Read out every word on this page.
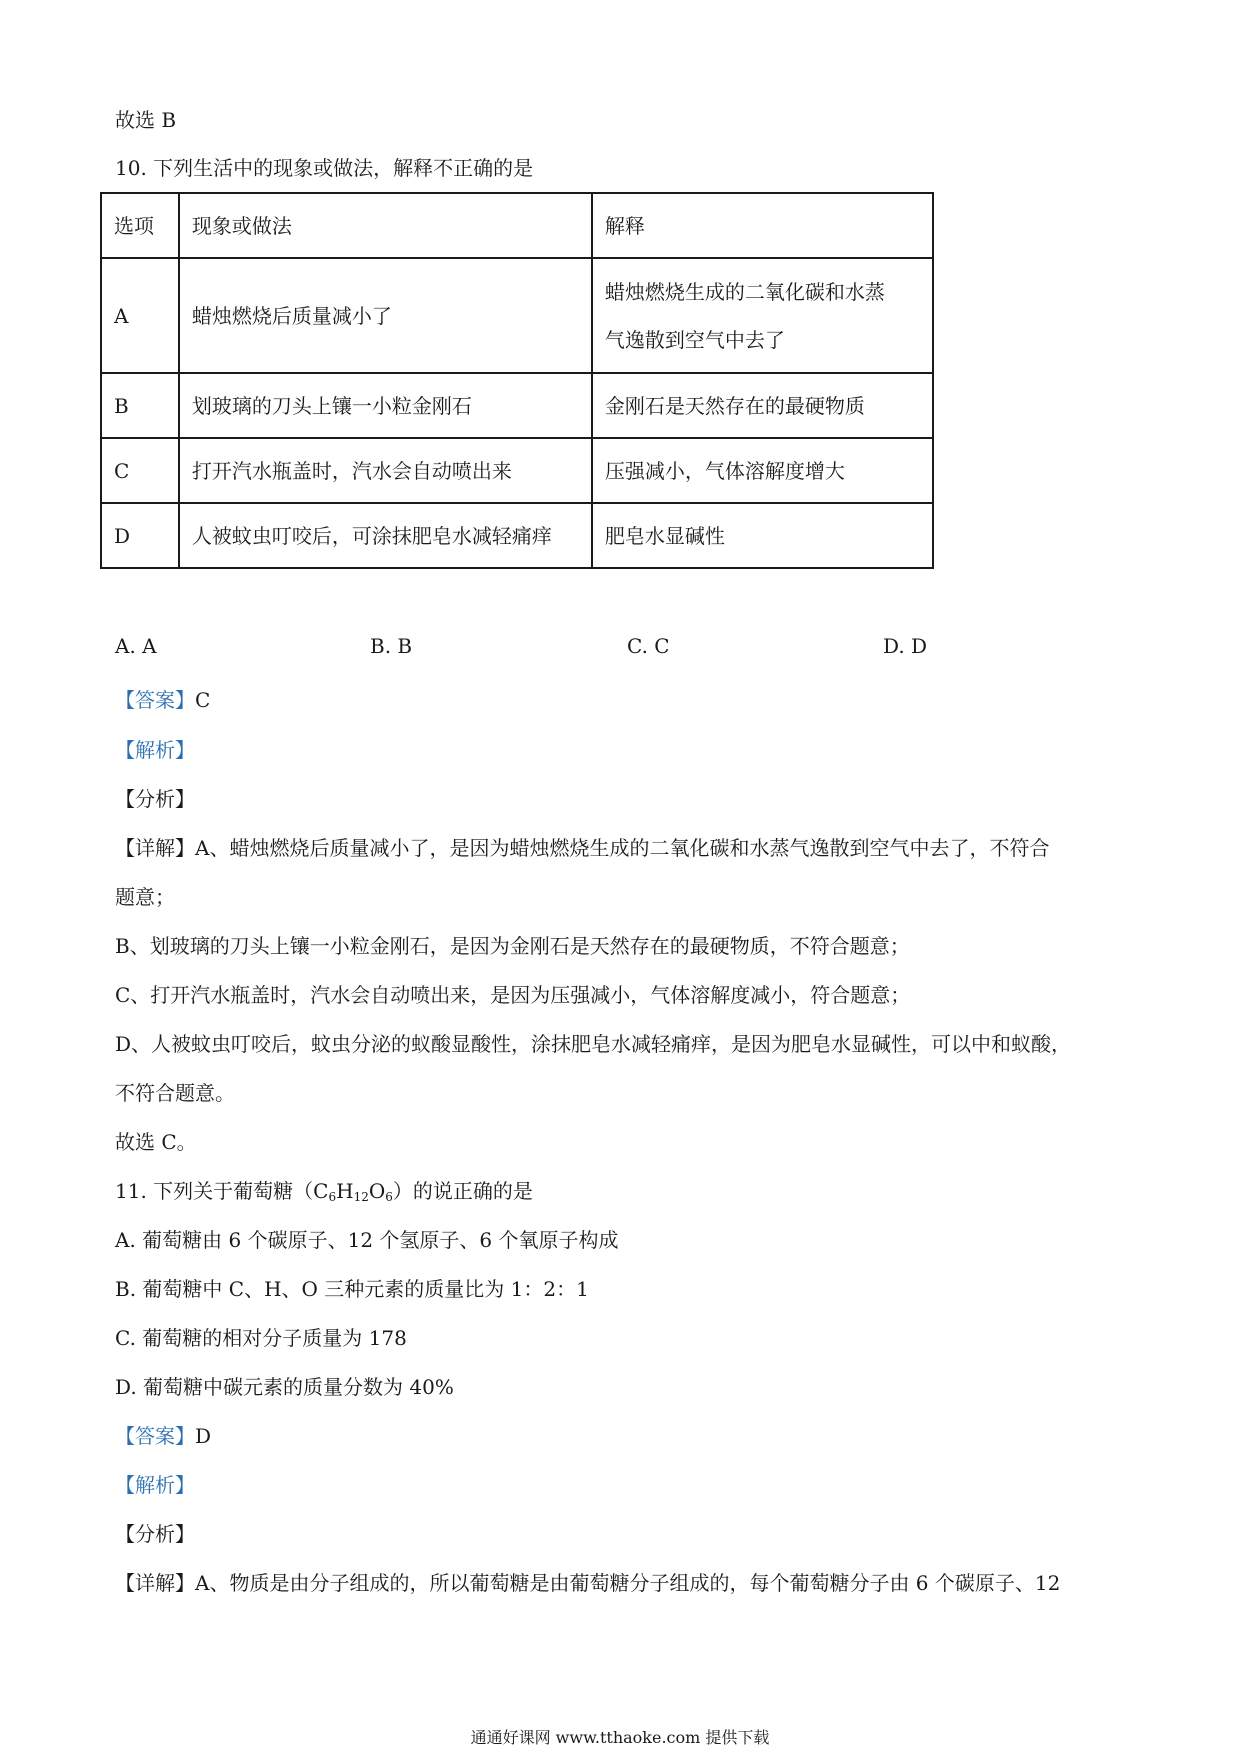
故选 B
10. 下列生活中的现象或做法，解释不正确的是
选项	现象或做法	解释
A	蜡烛燃烧后质量减小了	蜡烛燃烧生成的二氧化碳和水蒸
气逸散到空气中去了

B	划玻璃的刀头上镶一小粒金刚石	金刚石是天然存在的最硬物质
C	打开汽水瓶盖时，汽水会自动喷出来	压强减小，气体溶解度增大
D	人被蚊虫叮咬后，可涂抹肥皂水减轻痛痒	肥皂水显碱性
A. A	B. B	C. C	D. D
【答案】C
【解析】
【分析】
【详解】A、蜡烛燃烧后质量减小了，是因为蜡烛燃烧生成的二氧化碳和水蒸气逸散到空气中去了，不符合
题意；
B、划玻璃的刀头上镶一小粒金刚石，是因为金刚石是天然存在的最硬物质，不符合题意；
C、打开汽水瓶盖时，汽水会自动喷出来，是因为压强减小，气体溶解度减小，符合题意；
D、人被蚊虫叮咬后，蚊虫分泌的蚁酸显酸性，涂抹肥皂水减轻痛痒，是因为肥皂水显碱性，可以中和蚁酸，
不符合题意。
故选 C。
11. 下列关于葡萄糖$(C_6H_{12}O_6)$的说正确的是
A. 葡萄糖由 6 个碳原子、12 个氢原子、6 个氧原子构成
B. 葡萄糖中 C、H、O 三种元素的质量比为 1：2：1
C. 葡萄糖的相对分子质量为 178
D. 葡萄糖中碳元素的质量分数为 40%
【答案】D
【解析】
【分析】
【详解】A、物质是由分子组成的，所以葡萄糖是由葡萄糖分子组成的，每个葡萄糖分子由 6 个碳原子、12
通通好课网 www.tthaoke.com 提供下载
